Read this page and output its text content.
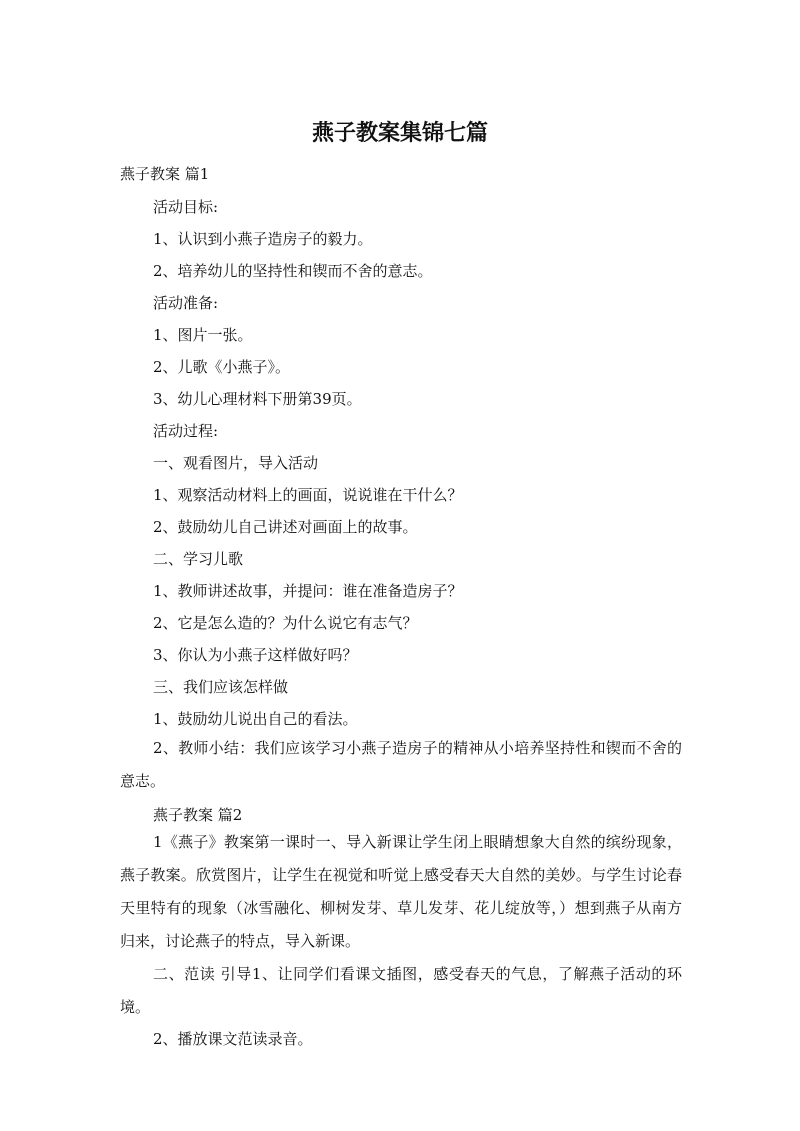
燕子教案集锦七篇
燕子教案 篇1
活动目标:
1、认识到小燕子造房子的毅力。
2、培养幼儿的坚持性和锲而不舍的意志。
活动准备:
1、图片一张。
2、儿歌《小燕子》。
3、幼儿心理材料下册第39页。
活动过程:
一、观看图片，导入活动
1、观察活动材料上的画面，说说谁在干什么？
2、鼓励幼儿自己讲述对画面上的故事。
二、学习儿歌
1、教师讲述故事，并提问：谁在准备造房子？
2、它是怎么造的？为什么说它有志气？
3、你认为小燕子这样做好吗？
三、我们应该怎样做
1、鼓励幼儿说出自己的看法。
2、教师小结：我们应该学习小燕子造房子的精神从小培养坚持性和锲而不舍的意志。
燕子教案 篇2
1《燕子》教案第一课时一、导入新课让学生闭上眼睛想象大自然的缤纷现象，燕子教案。欣赏图片，让学生在视觉和听觉上感受春天大自然的美妙。与学生讨论春天里特有的现象（冰雪融化、柳树发芽、草儿发芽、花儿绽放等，）想到燕子从南方归来，讨论燕子的特点，导入新课。
二、范读 引导1、让同学们看课文插图，感受春天的气息，了解燕子活动的环境。
2、播放课文范读录音。
